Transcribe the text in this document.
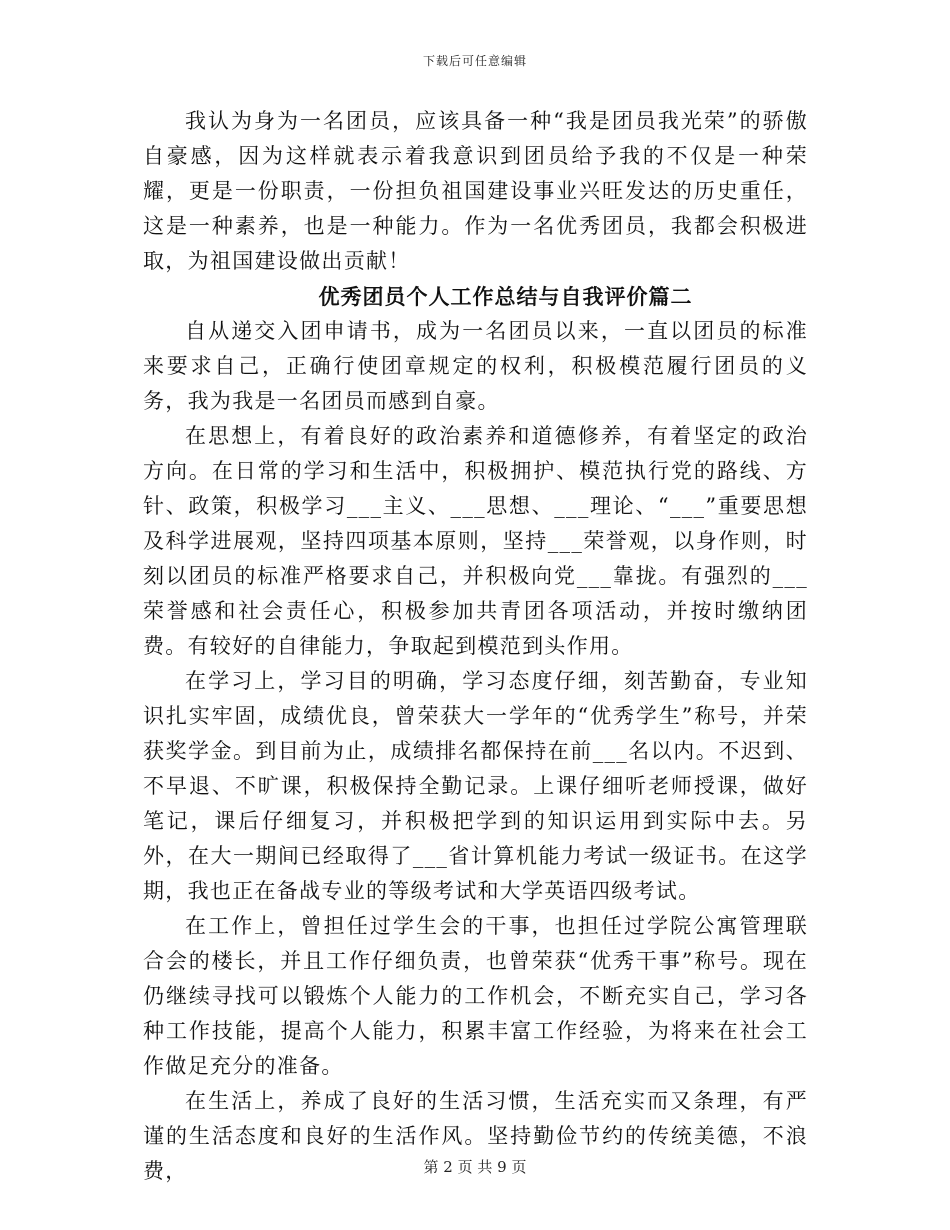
下载后可任意编辑

我认为身为一名团员，应该具备一种“我是团员我光荣”的骄傲自豪感，因为这样就表示着我意识到团员给予我的不仅是一种荣耀，更是一份职责，一份担负祖国建设事业兴旺发达的历史重任，这是一种素养，也是一种能力。作为一名优秀团员，我都会积极进取，为祖国建设做出贡献！

优秀团员个人工作总结与自我评价篇二

自从递交入团申请书，成为一名团员以来，一直以团员的标准来要求自己，正确行使团章规定的权利，积极模范履行团员的义务，我为我是一名团员而感到自豪。

在思想上，有着良好的政治素养和道德修养，有着坚定的政治方向。在日常的学习和生活中，积极拥护、模范执行党的路线、方针、政策，积极学习___主义、___思想、___理论、“___”重要思想及科学进展观，坚持四项基本原则，坚持___荣誉观，以身作则，时刻以团员的标准严格要求自己，并积极向党___靠拢。有强烈的___荣誉感和社会责任心，积极参加共青团各项活动，并按时缴纳团费。有较好的自律能力，争取起到模范到头作用。

在学习上，学习目的明确，学习态度仔细，刻苦勤奋，专业知识扎实牢固，成绩优良，曾荣获大一学年的“优秀学生”称号，并荣获奖学金。到目前为止，成绩排名都保持在前___名以内。不迟到、不早退、不旷课，积极保持全勤记录。上课仔细听老师授课，做好笔记，课后仔细复习，并积极把学到的知识运用到实际中去。另外，在大一期间已经取得了___省计算机能力考试一级证书。在这学期，我也正在备战专业的等级考试和大学英语四级考试。

在工作上，曾担任过学生会的干事，也担任过学院公寓管理联合会的楼长，并且工作仔细负责，也曾荣获“优秀干事”称号。现在仍继续寻找可以锻炼个人能力的工作机会，不断充实自己，学习各种工作技能，提高个人能力，积累丰富工作经验，为将来在社会工作做足充分的准备。

在生活上，养成了良好的生活习惯，生活充实而又条理，有严谨的生活态度和良好的生活作风。坚持勤俭节约的传统美德，不浪费，	第 2 页 共 9 页
